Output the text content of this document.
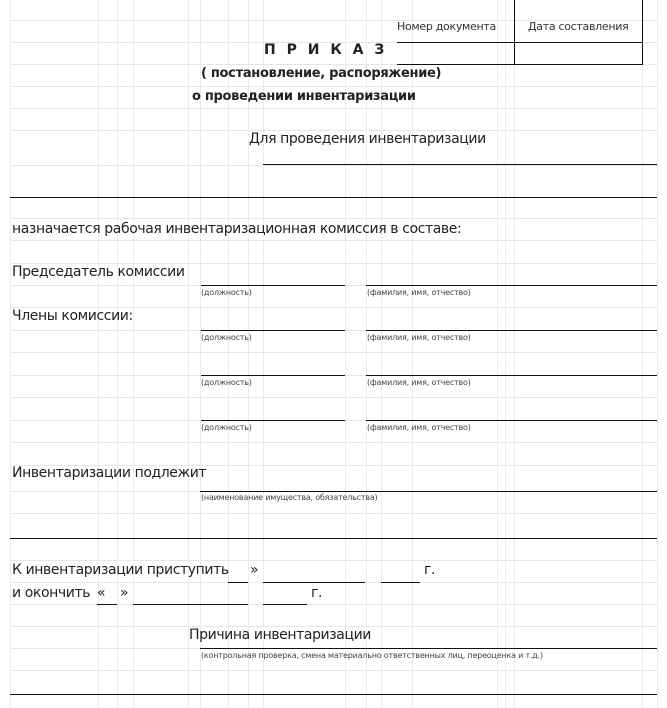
Номер документа	Дата составления
П Р И К А З
( постановление, распоряжение)
о проведении инвентаризации
Для проведения инвентаризации
назначается рабочая инвентаризационная комиссия в составе:
Председатель комиссии
(должность)	(фамилия, имя, отчество)
Члены комиссии:
(должность)	(фамилия, имя, отчество)
(должность)	(фамилия, имя, отчество)
(должность)	(фамилия, имя, отчество)
Инвентаризации подлежит
(наименование имущества, обязательства)
К инвентаризации приступить »	г.
и окончить « »	г.
Причина инвентаризации
(контрольная проверка, смена материально ответственных лиц, переоценка и т.д.)
